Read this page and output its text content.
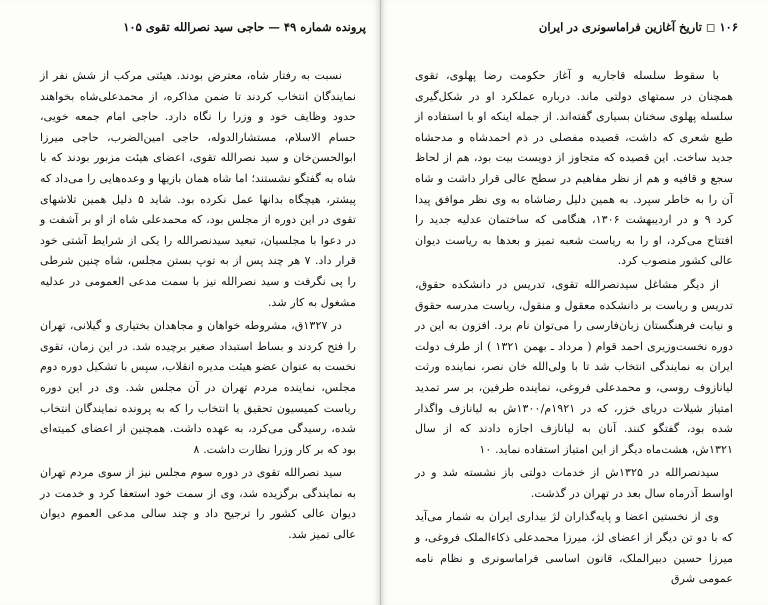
پرونده شماره ۴۹ — حاجی سید نصرالله تقوی ۱۰۵

نسبت به رفتار شاه، معترض بودند. هیئتی مرکب از شش نفر از نمایندگان انتخاب کردند تا ضمن مذاکره، از محمدعلی‌شاه بخواهند حدود وظایف خود و وزرا را نگاه دارد. حاجی امام جمعه خویی، حسام الاسلام، مستشارالدوله، حاجی امین‌الضرب، حاجی میرزا ابوالحسن‌خان و سید نصرالله تقوی، اعضای هیئت مزبور بودند که با شاه به گفتگو نشستند؛ اما شاه همان بازیها و وعده‌هایی را می‌داد که پیشتر، هیچگاه بدانها عمل نکرده بود. شاید ۵ دلیل همین تلاشهای تقوی در این دوره از مجلس بود، که محمدعلی شاه از او بر آشفت و در دعوا با مجلسیان، تبعید سیدنصرالله را یکی از شرایط آشتی خود قرار داد. ۷ هر چند پس از به توپ بستن مجلس، شاه چنین شرطی را پی نگرفت و سید نصرالله نیز با سمت مدعی العمومی در عدلیه مشغول به کار شد.

در ۱۳۲۷ق، مشروطه خواهان و مجاهدان بختیاری و گیلانی، تهران را فتح کردند و بساط استبداد صغیر برچیده شد. در این زمان، تقوی نخست به عنوان عضو هیئت مدیره انقلاب، سپس با تشکیل دوره دوم مجلس، نماینده مردم تهران در آن مجلس شد. وی در این دوره ریاست کمیسیون تحقیق یا انتخاب را که به پرونده نمایندگان انتخاب شده، رسیدگی می‌کرد، به عهده داشت. همچنین از اعضای کمیته‌ای بود که بر کار وزرا نظارت داشت. ۸

سید نصرالله تقوی در دوره سوم مجلس نیز از سوی مردم تهران به نمایندگی برگزیده شد، وی از سمت خود استعفا کرد و خدمت در دیوان عالی کشور را ترجیح داد و چند سالی مدعی العموم دیوان عالی تمیز شد.

۱۰۶ ◻ تاریخ آغازین فراماسونری در ایران

با سقوط سلسله قاجاریه و آغاز حکومت رضا پهلوی، تقوی همچنان در سمتهای دولتی ماند. درباره عملکرد او در شکل‌گیری سلسله پهلوی سخنان بسیاری گفته‌اند. از جمله اینکه او با استفاده از طبع شعری که داشت، قصیده مفصلی در ذم احمدشاه و مدحشاه جدید ساخت. این قصیده که متجاوز از دویست بیت بود، هم از لحاظ سجع و قافیه و هم از نظر مفاهیم در سطح عالی قرار داشت و شاه آن را به خاطر سپرد. به همین دلیل رضاشاه به وی نظر موافق پیدا کرد ۹ و در اردیبهشت ۱۳۰۶، هنگامی که ساختمان عدلیه جدید را افتتاح می‌کرد، او را به ریاست شعبه تمیز و بعدها به ریاست دیوان عالی کشور منصوب کرد.

از دیگر مشاغل سیدنصرالله تقوی، تدریس در دانشکده حقوق، تدریس و ریاست بر دانشکده معقول و منقول، ریاست مدرسه حقوق و نیابت فرهنگستان زبان‌فارسی را می‌توان نام برد. افزون به این در دوره نخست‌وزیری احمد قوام ( مرداد ـ بهمن ۱۳۲۱ ) از طرف دولت ایران به نمایندگی انتخاب شد تا با ولی‌الله خان نصر، نماینده ورثت لیانازوف روسی، و محمدعلی فروغی، نماینده طرفین، بر سر تمدید امتیاز شیلات دریای خزر، که در ۱۹۲۱م/۱۳۰۰ش به لیانازف واگذار شده بود، گفتگو کنند. آنان به لیانازف اجازه دادند که از سال ۱۳۲۱ش، هشت‌ماه دیگر از این امتیاز استفاده نماید. ۱۰

سیدنصرالله در ۱۳۲۵ش از خدمات دولتی باز نشسته شد و در اواسط آذرماه سال بعد در تهران در گذشت.

وی از نخستین اعضا و پایه‌گذاران لژ بیداری ایران به شمار می‌آید که با دو تن دیگر از اعضای لژ، میرزا محمدعلی ذکاءالملک فروغی، و میرزا حسین دبیرالملک، قانون اساسی فراماسونری و نظام نامه عمومی شرق
